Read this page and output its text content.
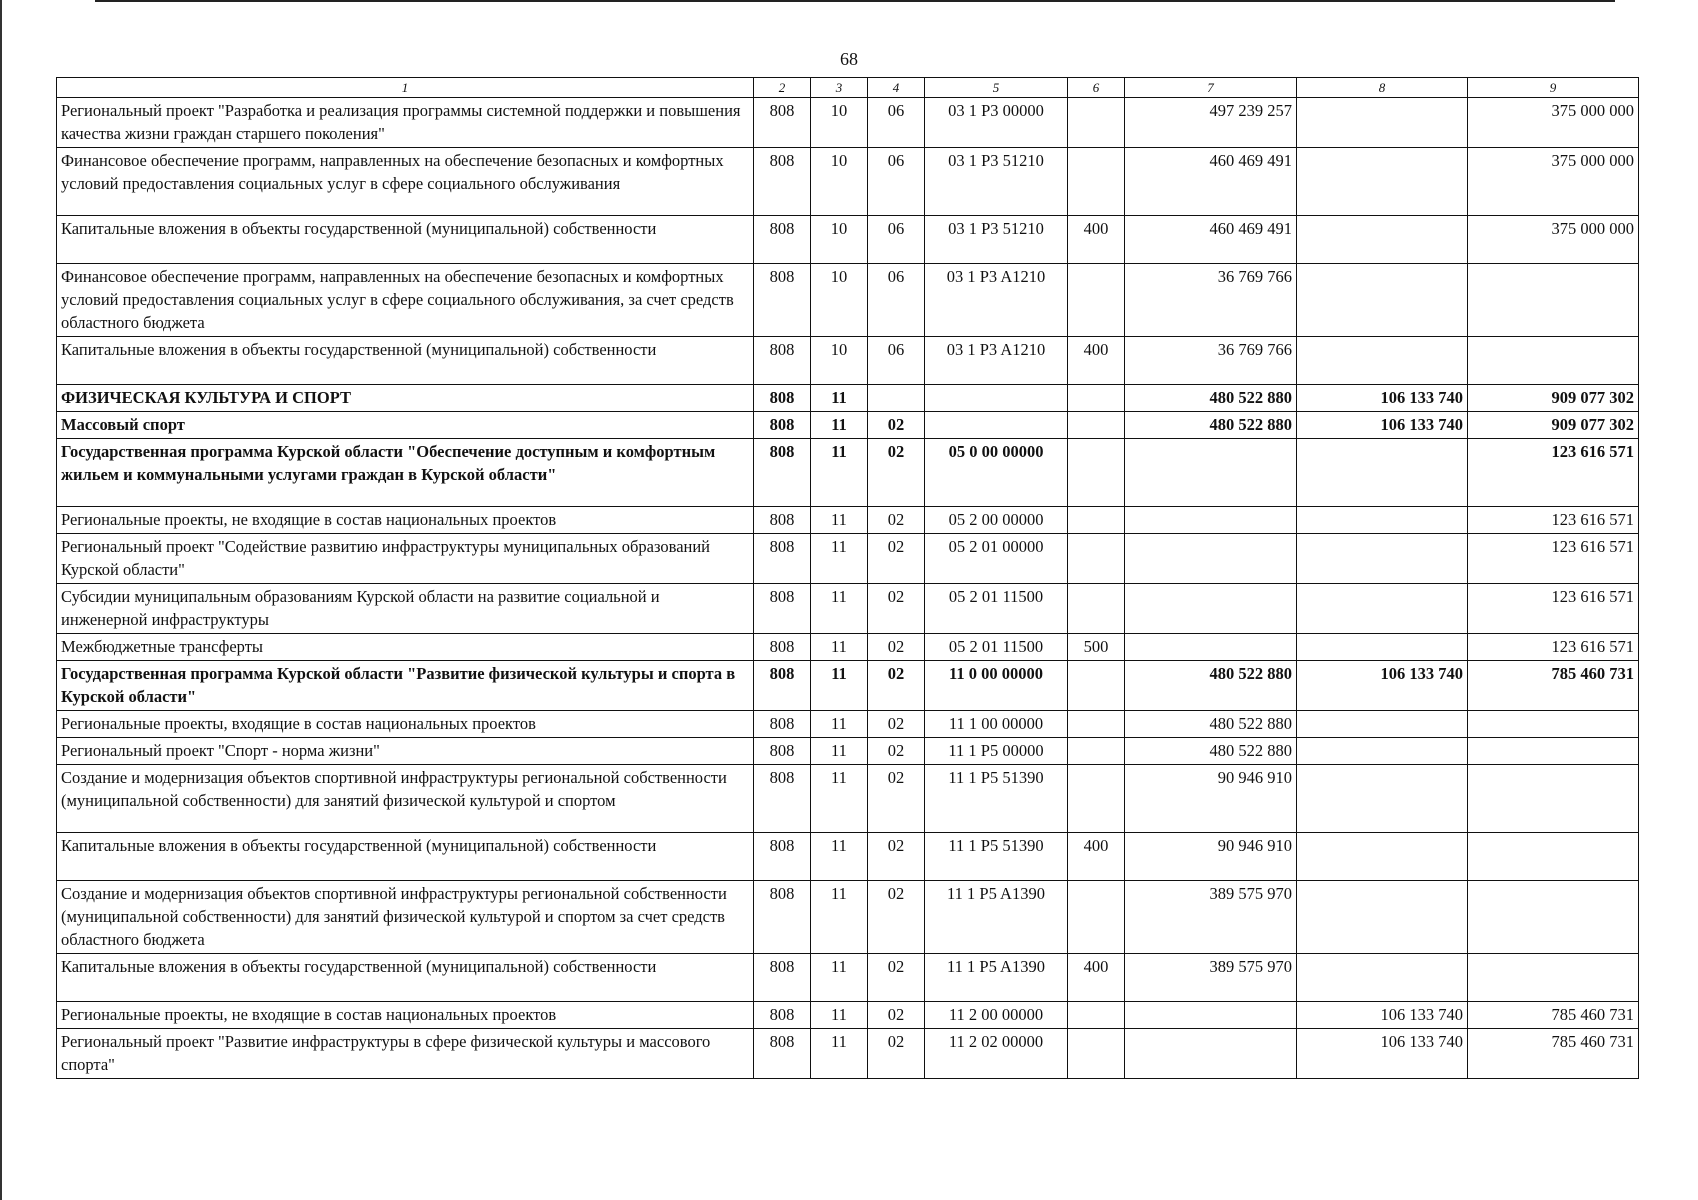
68
1	2	3	4	5	6	7	8	9
Региональный проект "Разработка и реализация программы системной поддержки и повышения качества жизни граждан старшего поколения"	808	10	06	03 1 P3 00000		497 239 257		375 000 000
Финансовое обеспечение программ, направленных на обеспечение безопасных и комфортных условий предоставления социальных услуг в сфере социального обслуживания	808	10	06	03 1 P3 51210		460 469 491		375 000 000
Капитальные вложения в объекты государственной (муниципальной) собственности	808	10	06	03 1 P3 51210	400	460 469 491		375 000 000
Финансовое обеспечение программ, направленных на обеспечение безопасных и комфортных условий предоставления социальных услуг в сфере социального обслуживания, за счет средств областного бюджета	808	10	06	03 1 P3 A1210		36 769 766		
Капитальные вложения в объекты государственной (муниципальной) собственности	808	10	06	03 1 P3 A1210	400	36 769 766		
ФИЗИЧЕСКАЯ КУЛЬТУРА И СПОРТ	808	11				480 522 880	106 133 740	909 077 302
Массовый спорт	808	11	02			480 522 880	106 133 740	909 077 302
Государственная программа Курской области "Обеспечение доступным и комфортным жильем и коммунальными услугами граждан в Курской области"	808	11	02	05 0 00 00000				123 616 571
Региональные проекты, не входящие в состав национальных проектов	808	11	02	05 2 00 00000				123 616 571
Региональный проект "Содействие развитию инфраструктуры муниципальных образований Курской области"	808	11	02	05 2 01 00000				123 616 571
Субсидии муниципальным образованиям Курской области на развитие социальной и инженерной инфраструктуры	808	11	02	05 2 01 11500				123 616 571
Межбюджетные трансферты	808	11	02	05 2 01 11500	500			123 616 571
Государственная программа Курской области "Развитие физической культуры и спорта в Курской области"	808	11	02	11 0 00 00000		480 522 880	106 133 740	785 460 731
Региональные проекты, входящие в состав национальных проектов	808	11	02	11 1 00 00000		480 522 880		
Региональный проект "Спорт - норма жизни"	808	11	02	11 1 P5 00000		480 522 880		
Создание и модернизация объектов спортивной инфраструктуры региональной собственности (муниципальной собственности) для занятий физической культурой и спортом	808	11	02	11 1 P5 51390		90 946 910		
Капитальные вложения в объекты государственной (муниципальной) собственности	808	11	02	11 1 P5 51390	400	90 946 910		
Создание и модернизация объектов спортивной инфраструктуры региональной собственности (муниципальной собственности) для занятий физической культурой и спортом за счет средств областного бюджета	808	11	02	11 1 P5 A1390		389 575 970		
Капитальные вложения в объекты государственной (муниципальной) собственности	808	11	02	11 1 P5 A1390	400	389 575 970		
Региональные проекты, не входящие в состав национальных проектов	808	11	02	11 2 00 00000			106 133 740	785 460 731
Региональный проект "Развитие инфраструктуры в сфере физической культуры и массового спорта"	808	11	02	11 2 02 00000			106 133 740	785 460 731
